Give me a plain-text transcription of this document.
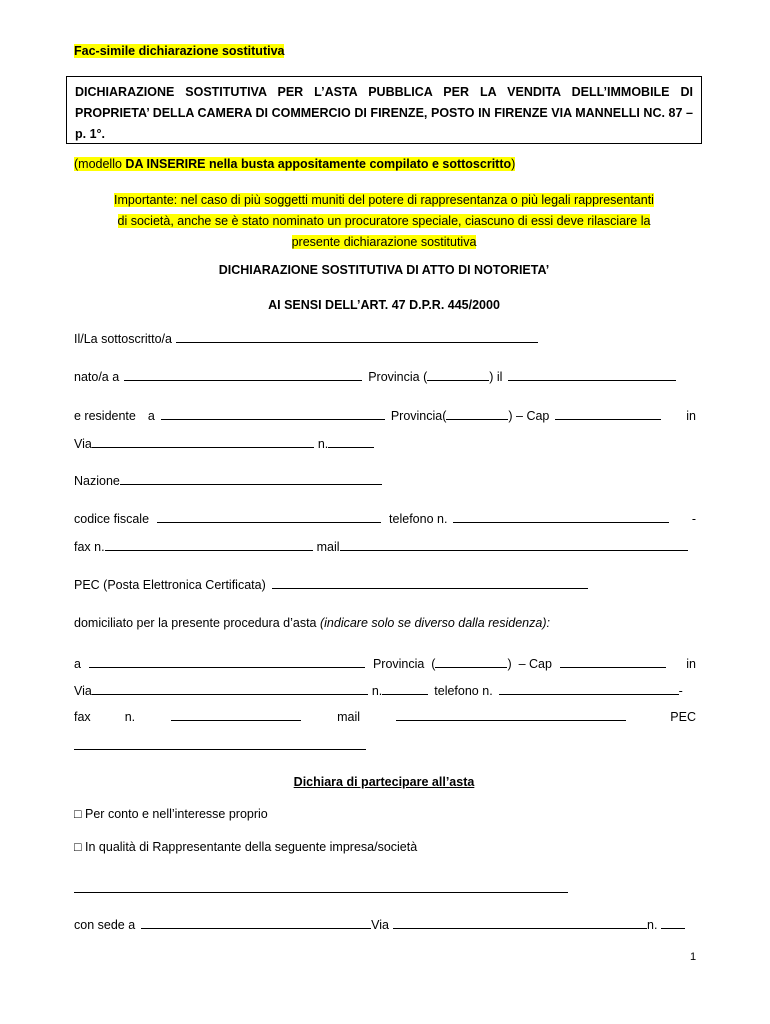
Fac-simile dichiarazione sostitutiva
DICHIARAZIONE SOSTITUTIVA PER L’ASTA PUBBLICA PER LA VENDITA DELL’IMMOBILE DI PROPRIETA’ DELLA CAMERA DI COMMERCIO DI FIRENZE, POSTO IN FIRENZE VIA MANNELLI NC. 87 – p. 1°.
(modello DA INSERIRE nella busta appositamente compilato e sottoscritto)
Importante: nel caso di più soggetti muniti del potere di rappresentanza o più legali rappresentanti
di società, anche se è stato nominato un procuratore speciale, ciascuno di essi deve rilasciare la
presente dichiarazione sostitutiva
DICHIARAZIONE SOSTITUTIVA DI ATTO DI NOTORIETA’
AI SENSI DELL’ART. 47 D.P.R. 445/2000
Il/La sottoscritto/a
nato/a a	Provincia (	) il
e residente a	Provincia(	) – Cap	in
Via	n.
Nazione
codice fiscale	telefono n.	-
fax n.	mail
PEC (Posta Elettronica Certificata)
domiciliato per la presente procedura d’asta (indicare solo se diverso dalla residenza):
a	Provincia  (	)  – Cap	in
Via	n.	telefono n.	-
fax	n.	mail	PEC
Dichiara di partecipare all’asta
□ Per conto e nell’interesse proprio
□ In qualità di Rappresentante della seguente impresa/società
con sede a	Via	n.
1
